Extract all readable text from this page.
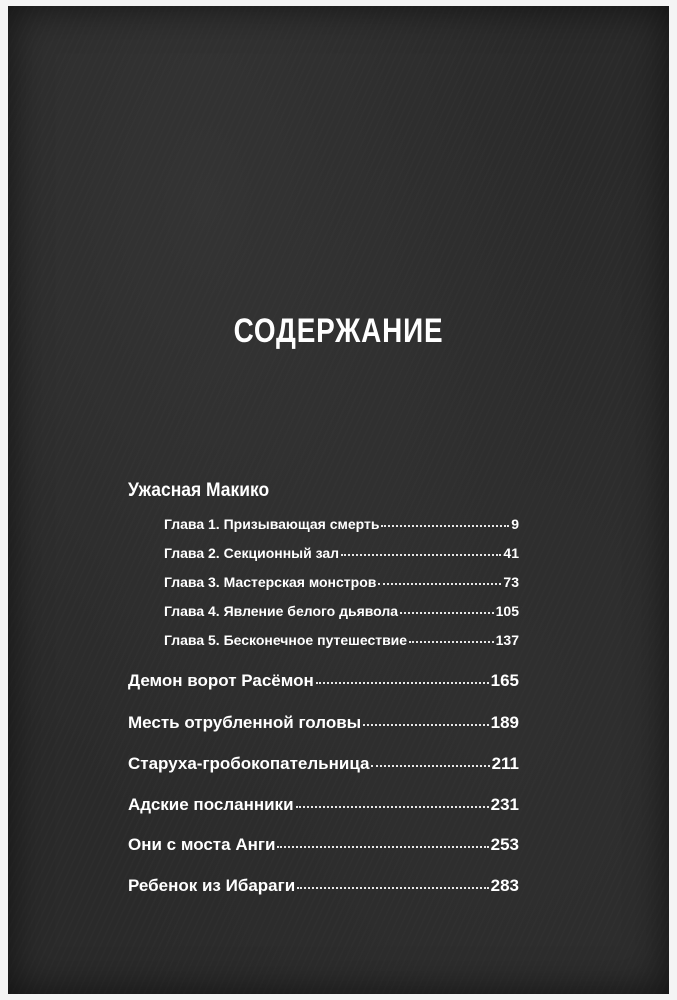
СОДЕРЖАНИЕ
Ужасная Макико
Глава 1. Призывающая смерть	9
Глава 2. Секционный зал	41
Глава 3. Мастерская монстров	73
Глава 4. Явление белого дьявола	105
Глава 5. Бесконечное путешествие	137
Демон ворот Расёмон	165
Месть отрубленной головы	189
Старуха-гробокопательница	211
Адские посланники	231
Они с моста Анги	253
Ребенок из Ибараги	283
